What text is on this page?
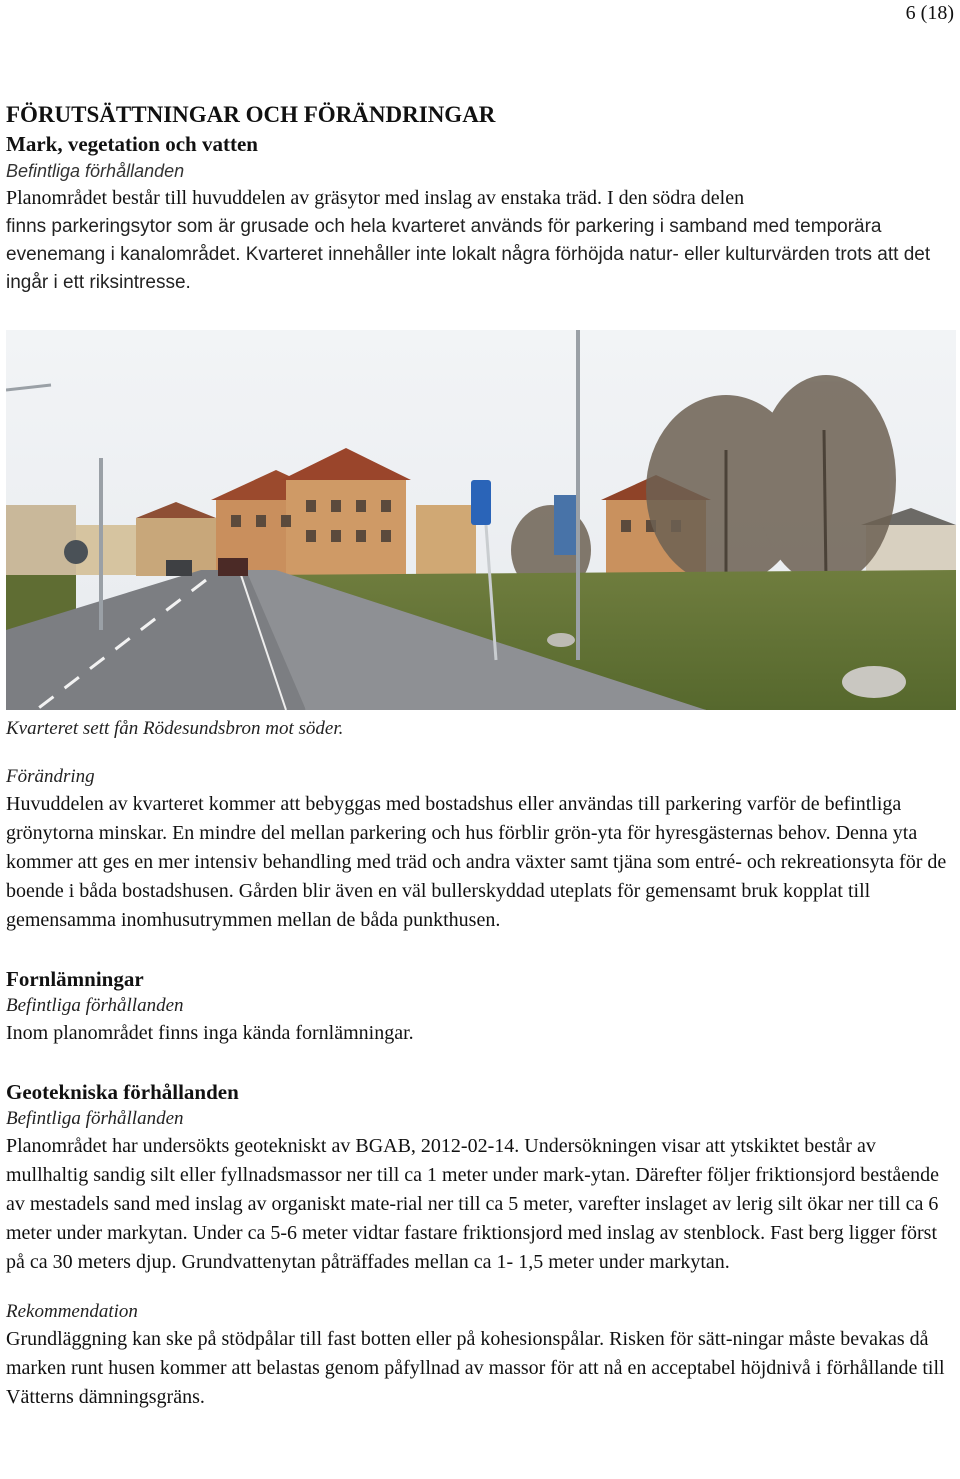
6 (18)
FÖRUTSÄTTNINGAR OCH FÖRÄNDRINGAR
Mark, vegetation och vatten
Befintliga förhållanden

Planområdet består till huvuddelen av gräsytor med inslag av enstaka träd. I den södra delen

finns parkeringsytor som är grusade och hela kvarteret används för parkering i samband med temporära evenemang i kanalområdet. Kvarteret innehåller inte lokalt några förhöjda natur- eller kulturvärden trots att det ingår i ett riksintresse.

Kvarteret sett fån Rödesundsbron mot söder.
Förändring

Huvuddelen av kvarteret kommer att bebyggas med bostadshus eller användas till parkering varför de befintliga grönytorna minskar. En mindre del mellan parkering och hus förblir grön-yta för hyresgästernas behov. Denna yta kommer att ges en mer intensiv behandling med träd och andra växter samt tjäna som entré- och rekreationsyta för de boende i båda bostadshusen. Gården blir även en väl bullerskyddad uteplats för gemensamt bruk kopplat till gemensamma inomhusutrymmen mellan de båda punkthusen.

Fornlämningar
Befintliga förhållanden

Inom planområdet finns inga kända fornlämningar.

Geotekniska förhållanden
Befintliga förhållanden

Planområdet har undersökts geotekniskt av BGAB, 2012-02-14. Undersökningen visar att ytskiktet består av mullhaltig sandig silt eller fyllnadsmassor ner till ca 1 meter under mark-ytan. Därefter följer friktionsjord bestående av mestadels sand med inslag av organiskt mate-rial ner till ca 5 meter, varefter inslaget av lerig silt ökar ner till ca 6 meter under markytan. Under ca 5-6 meter vidtar fastare friktionsjord med inslag av stenblock. Fast berg ligger först på ca 30 meters djup. Grundvattenytan påträffades mellan ca 1- 1,5 meter under markytan.

Rekommendation

Grundläggning kan ske på stödpålar till fast botten eller på kohesionspålar. Risken för sätt-ningar måste bevakas då marken runt husen kommer att belastas genom påfyllnad av massor för att nå en acceptabel höjdnivå i förhållande till Vätterns dämningsgräns.
